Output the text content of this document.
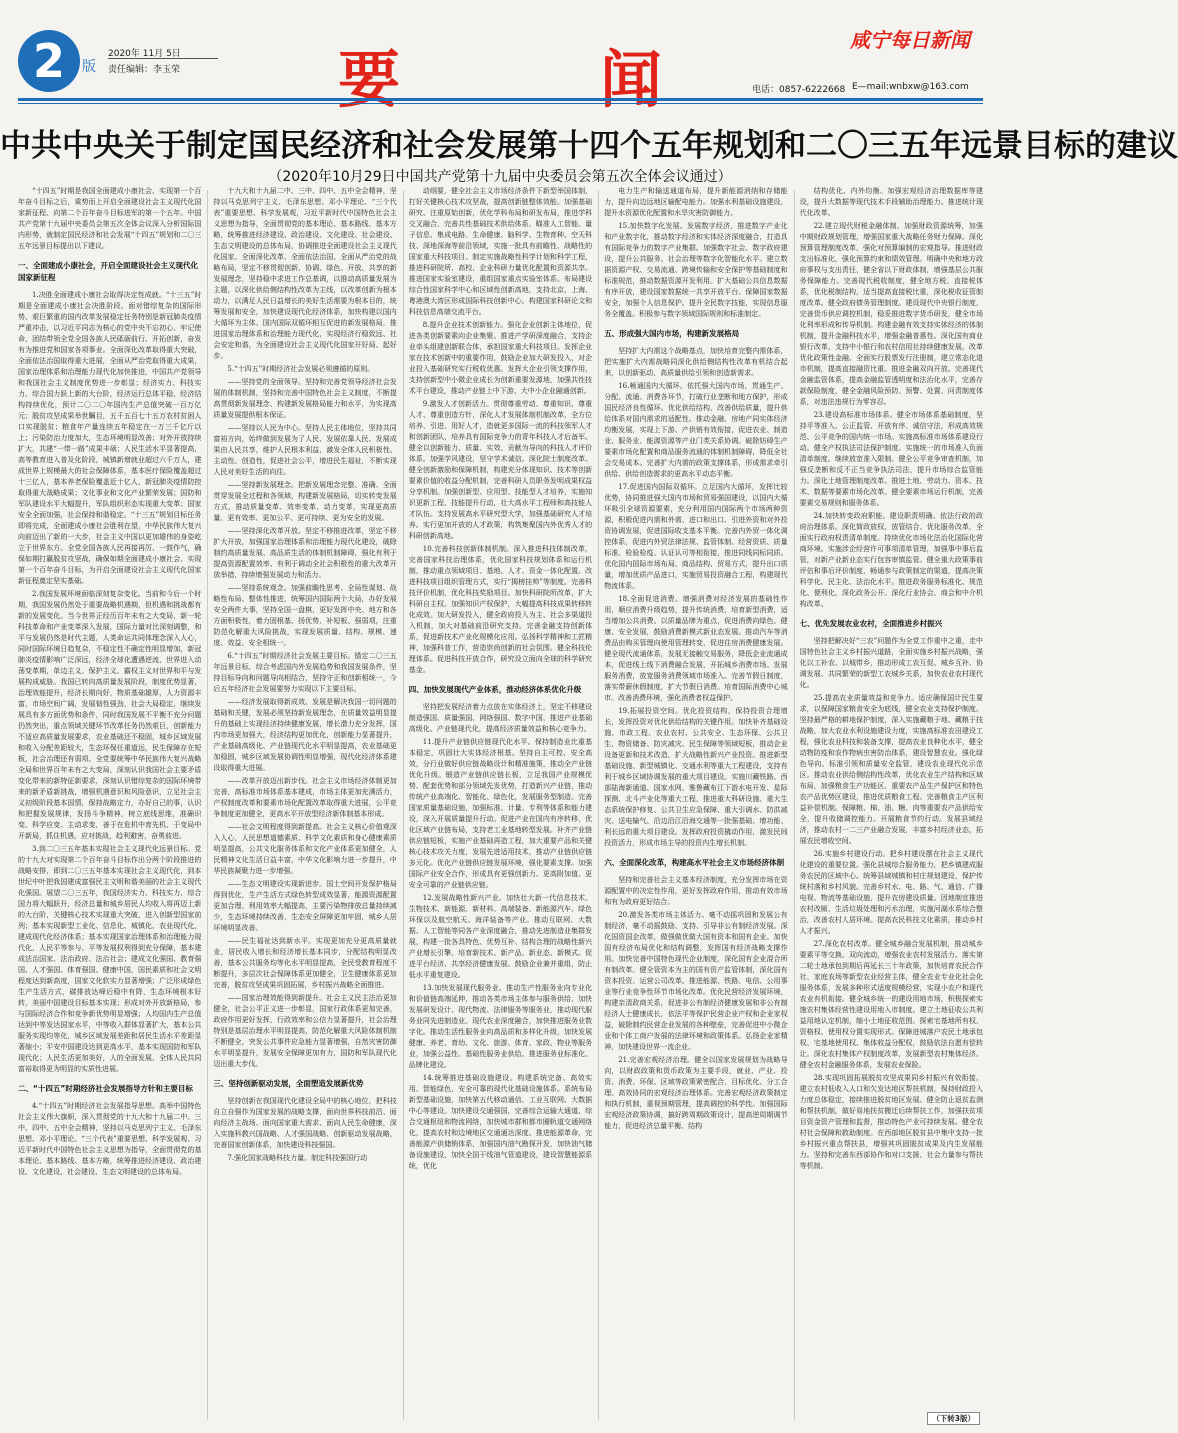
2	版
2020年 11月 5日
责任编辑：李玉荣	要	闻
咸宁每日新闻
电话：0857-6222668 E—mail:wnbxw@163.com
中共中央关于制定国民经济和社会发展第十四个五年规划和二〇三五年远景目标的建议
（2020年10月29日中国共产党第十九届中央委员会第五次全体会议通过）

“十四五”时期是我国全面建成小康社会、实现第一个百年奋斗目标之后，乘势而上开启全面建设社会主义现代化国家新征程、向第二个百年奋斗目标进军的第一个五年。中国共产党第十九届中央委员会第五次全体会议深入分析国际国内形势，就制定国民经济和社会发展“十四五”规划和二〇三五年远景目标提出以下建议。

一、全面建成小康社会，开启全面建设社会主义现代化国家新征程

1.决胜全面建成小康社会取得决定性成就。“十三五”时期是全面建成小康社会决胜阶段。面对错综复杂的国际形势、艰巨繁重的国内改革发展稳定任务特别是新冠肺炎疫情严重冲击，以习近平同志为核心的党中央不忘初心、牢记使命，团结带领全党全国各族人民砥砺前行、开拓创新，奋发有为推进党和国家各项事业。全面深化改革取得重大突破，全面依法治国取得重大进展，全面从严治党取得重大成果，国家治理体系和治理能力现代化加快推进，中国共产党领导和我国社会主义制度优势进一步彰显；经济实力、科技实力、综合国力跃上新的大台阶，经济运行总体平稳，经济结构持续优化，预计二〇二〇年国内生产总值突破一百万亿元；脱贫攻坚成果举世瞩目，五千五百七十五万农村贫困人口实现脱贫；粮食年产量连续五年稳定在一万三千亿斤以上；污染防治力度加大，生态环境明显改善；对外开放持续扩大，共建“一带一路”成果丰硕；人民生活水平显著提高，高等教育进入普及化阶段，城镇新增就业超过六千万人，建成世界上规模最大的社会保障体系，基本医疗保险覆盖超过十三亿人，基本养老保险覆盖近十亿人，新冠肺炎疫情防控取得重大战略成果；文化事业和文化产业繁荣发展；国防和军队建设水平大幅提升，军队组织形态实现重大变革；国家安全全面加强，社会保持和谐稳定。“十三五”规划目标任务即将完成，全面建成小康社会胜利在望，中华民族伟大复兴向前迈出了新的一大步，社会主义中国以更加雄伟的身姿屹立于世界东方。全党全国各族人民再接再厉、一鼓作气，确保如期打赢脱贫攻坚战，确保如期全面建成小康社会、实现第一个百年奋斗目标，为开启全面建设社会主义现代化国家新征程奠定坚实基础。

2.我国发展环境面临深刻复杂变化。当前和今后一个时期，我国发展仍然处于重要战略机遇期，但机遇和挑战都有新的发展变化。当今世界正经历百年未有之大变局，新一轮科技革命和产业变革深入发展，国际力量对比深刻调整，和平与发展仍然是时代主题，人类命运共同体理念深入人心，同时国际环境日趋复杂，不稳定性不确定性明显增加，新冠肺炎疫情影响广泛深远，经济全球化遭遇逆流，世界进入动荡变革期，单边主义、保护主义、霸权主义对世界和平与发展构成威胁。我国已转向高质量发展阶段，制度优势显著，治理效能提升，经济长期向好，物质基础雄厚，人力资源丰富，市场空间广阔，发展韧性强劲，社会大局稳定，继续发展具有多方面优势和条件，同时我国发展不平衡不充分问题仍然突出，重点领域关键环节改革任务仍然艰巨，创新能力不适应高质量发展要求，农业基础还不稳固，城乡区域发展和收入分配差距较大，生态环保任重道远，民生保障存在短板，社会治理还有弱项。全党要统筹中华民族伟大复兴战略全局和世界百年未有之大变局，深刻认识我国社会主要矛盾变化带来的新特征新要求，深刻认识错综复杂的国际环境带来的新矛盾新挑战，增强机遇意识和风险意识，立足社会主义初级阶段基本国情，保持战略定力，办好自己的事，认识和把握发展规律，发扬斗争精神，树立底线思维，准确识变、科学应变、主动求变，善于在危机中育先机、于变局中开新局，抓住机遇，应对挑战，趋利避害，奋勇前进。

3.到二〇三五年基本实现社会主义现代化远景目标。党的十九大对实现第二个百年奋斗目标作出分两个阶段推进的战略安排，即到二〇三五年基本实现社会主义现代化，到本世纪中叶把我国建成富强民主文明和谐美丽的社会主义现代化强国。展望二〇三五年，我国经济实力、科技实力、综合国力将大幅跃升，经济总量和城乡居民人均收入将再迈上新的大台阶，关键核心技术实现重大突破，进入创新型国家前列；基本实现新型工业化、信息化、城镇化、农业现代化，建成现代化经济体系；基本实现国家治理体系和治理能力现代化，人民平等参与、平等发展权利得到充分保障，基本建成法治国家、法治政府、法治社会；建成文化强国、教育强国、人才强国、体育强国、健康中国，国民素质和社会文明程度达到新高度，国家文化软实力显著增强；广泛形成绿色生产生活方式，碳排放达峰后稳中有降，生态环境根本好转，美丽中国建设目标基本实现；形成对外开放新格局，参与国际经济合作和竞争新优势明显增强；人均国内生产总值达到中等发达国家水平，中等收入群体显著扩大，基本公共服务实现均等化，城乡区域发展差距和居民生活水平差距显著缩小；平安中国建设达到更高水平，基本实现国防和军队现代化；人民生活更加美好，人的全面发展、全体人民共同富裕取得更为明显的实质性进展。

二、“十四五”时期经济社会发展指导方针和主要目标

4.“十四五”时期经济社会发展指导思想。高举中国特色社会主义伟大旗帜，深入贯彻党的十九大和十九届二中、三中、四中、五中全会精神，坚持以马克思列宁主义、毛泽东思想、邓小平理论、“三个代表”重要思想、科学发展观、习近平新时代中国特色社会主义思想为指导，全面贯彻党的基本理论、基本路线、基本方略，统筹推进经济建设、政治建设、文化建设、社会建设、生态文明建设的总体布局。

十九大和十九届二中、三中、四中、五中全会精神，坚持以马克思列宁主义、毛泽东思想、邓小平理论、“三个代表”重要思想、科学发展观，习近平新时代中国特色社会主义思想为指导，全面贯彻党的基本理论、基本路线、基本方略，统筹推进经济建设、政治建设、文化建设、社会建设、生态文明建设的总体布局，协调推进全面建设社会主义现代化国家、全面深化改革、全面依法治国、全面从严治党的战略布局，坚定不移贯彻创新、协调、绿色、开放、共享的新发展理念，坚持稳中求进工作总基调，以推动高质量发展为主题，以深化供给侧结构性改革为主线，以改革创新为根本动力，以满足人民日益增长的美好生活需要为根本目的，统筹发展和安全，加快建设现代化经济体系，加快构建以国内大循环为主体、国内国际双循环相互促进的新发展格局，推进国家治理体系和治理能力现代化，实现经济行稳致远、社会安定和谐，为全面建设社会主义现代化国家开好局、起好步。

5.“十四五”时期经济社会发展必须遵循的原则。

——坚持党的全面领导。坚持和完善党领导经济社会发展的体制机制，坚持和完善中国特色社会主义制度，不断提高贯彻新发展理念、构建新发展格局能力和水平，为实现高质量发展提供根本保证。

——坚持以人民为中心。坚持人民主体地位，坚持共同富裕方向，始终做到发展为了人民、发展依靠人民、发展成果由人民共享，维护人民根本利益，激发全体人民积极性、主动性、创造性，促进社会公平，增进民生福祉，不断实现人民对美好生活的向往。

——坚持新发展理念。把新发展理念完整、准确、全面贯穿发展全过程和各领域，构建新发展格局，切实转变发展方式，推动质量变革、效率变革、动力变革，实现更高质量、更有效率、更加公平、更可持续、更为安全的发展。

——坚持深化改革开放。坚定不移推进改革，坚定不移扩大开放，加强国家治理体系和治理能力现代化建设，破除制约高质量发展、高品质生活的体制机制障碍，强化有利于提高资源配置效率、有利于调动全社会积极性的重大改革开放举措，持续增强发展动力和活力。

——坚持系统观念。加强前瞻性思考、全局性谋划、战略性布局、整体性推进，统筹国内国际两个大局，办好发展安全两件大事，坚持全国一盘棋，更好发挥中央、地方和各方面积极性，着力固根基、扬优势、补短板、强弱项，注重防范化解重大风险挑战，实现发展质量、结构、规模、速度、效益、安全相统一。

6.“十四五”时期经济社会发展主要目标。锚定二〇三五年远景目标，综合考虑国内外发展趋势和我国发展条件，坚持目标导向和问题导向相结合，坚持守正和创新相统一，今后五年经济社会发展要努力实现以下主要目标。

——经济发展取得新成效。发展是解决我国一切问题的基础和关键，发展必须坚持新发展理念，在质量效益明显提升的基础上实现经济持续健康发展，增长潜力充分发挥，国内市场更加强大，经济结构更加优化，创新能力显著提升，产业基础高级化、产业链现代化水平明显提高，农业基础更加稳固，城乡区域发展协调性明显增强，现代化经济体系建设取得重大进展。

——改革开放迈出新步伐。社会主义市场经济体制更加完善，高标准市场体系基本建成，市场主体更加充满活力，产权制度改革和要素市场化配置改革取得重大进展，公平竞争制度更加健全，更高水平开放型经济新体制基本形成。

——社会文明程度得到新提高。社会主义核心价值观深入人心，人民思想道德素质、科学文化素质和身心健康素质明显提高，公共文化服务体系和文化产业体系更加健全，人民精神文化生活日益丰富，中华文化影响力进一步提升，中华民族凝聚力进一步增强。

——生态文明建设实现新进步。国土空间开发保护格局得到优化，生产生活方式绿色转型成效显著，能源资源配置更加合理、利用效率大幅提高，主要污染物排放总量持续减少，生态环境持续改善，生态安全屏障更加牢固，城乡人居环境明显改善。

——民生福祉达到新水平。实现更加充分更高质量就业，居民收入增长和经济增长基本同步，分配结构明显改善，基本公共服务均等化水平明显提高，全民受教育程度不断提升，多层次社会保障体系更加健全，卫生健康体系更加完善，脱贫攻坚成果巩固拓展，乡村振兴战略全面推进。

——国家治理效能得到新提升。社会主义民主法治更加健全，社会公平正义进一步彰显，国家行政体系更加完善，政府作用更好发挥，行政效率和公信力显著提升，社会治理特别是基层治理水平明显提高，防范化解重大风险体制机制不断健全，突发公共事件应急能力显著增强，自然灾害防御水平明显提升，发展安全保障更加有力，国防和军队现代化迈出重大步伐。

三、坚持创新驱动发展，全面塑造发展新优势

坚持创新在我国现代化建设全局中的核心地位，把科技自立自强作为国家发展的战略支撑，面向世界科技前沿、面向经济主战场、面向国家重大需求、面向人民生命健康，深入实施科教兴国战略、人才强国战略、创新驱动发展战略，完善国家创新体系，加快建设科技强国。

7.强化国家战略科技力量。制定科技强国行动

动纲要，健全社会主义市场经济条件下新型举国体制，打好关键核心技术攻坚战，提高创新链整体效能。加强基础研究、注重原始创新，优化学科布局和研发布局，推进学科交叉融合，完善共性基础技术供给体系。瞄准人工智能、量子信息、集成电路、生命健康、脑科学、生物育种、空天科技、深地深海等前沿领域，实施一批具有前瞻性、战略性的国家重大科技项目。制定实施战略性科学计划和科学工程，推进科研院所、高校、企业科研力量优化配置和资源共享。推进国家实验室建设，重组国家重点实验室体系。布局建设综合性国家科学中心和区域性创新高地，支持北京、上海、粤港澳大湾区形成国际科技创新中心。构建国家科研论文和科技信息高端交流平台。

8.提升企业技术创新能力。强化企业创新主体地位，促进各类创新要素向企业集聚。推进产学研深度融合，支持企业牵头组建创新联合体，承担国家重大科技项目。发挥企业家在技术创新中的重要作用，鼓励企业加大研发投入，对企业投入基础研究实行税收优惠。发挥大企业引领支撑作用，支持创新型中小微企业成长为创新重要发源地，加强共性技术平台建设，推动产业链上中下游、大中小企业融通创新。

9.激发人才创新活力。贯彻尊重劳动、尊重知识、尊重人才、尊重创造方针，深化人才发展体制机制改革，全方位培养、引进、用好人才，造就更多国际一流的科技领军人才和创新团队，培养具有国际竞争力的青年科技人才后备军。健全以创新能力、质量、实效、贡献为导向的科技人才评价体系。加强学风建设，坚守学术诚信。深化院士制度改革。健全创新激励和保障机制，构建充分体现知识、技术等创新要素价值的收益分配机制，完善科研人员职务发明成果权益分享机制。加强创新型、应用型、技能型人才培养，实施知识更新工程、技能提升行动，壮大高水平工程师和高技能人才队伍。支持发展高水平研究型大学，加强基础研究人才培养。实行更加开放的人才政策，构筑集聚国内外优秀人才的科研创新高地。

10.完善科技创新体制机制。深入推进科技体制改革，完善国家科技治理体系，优化国家科技规划体系和运行机制，推动重点领域项目、基地、人才、资金一体化配置。改进科技项目组织管理方式，实行“揭榜挂帅”等制度。完善科技评价机制，优化科技奖励项目。加快科研院所改革，扩大科研自主权。加强知识产权保护，大幅提高科技成果转移转化成效。加大研发投入，健全政府投入为主、社会多渠道投入机制，加大对基础前沿研究支持。完善金融支持创新体系，促进新技术产业化规模化应用。弘扬科学精神和工匠精神，加强科普工作，营造崇尚创新的社会氛围。健全科技伦理体系。促进科技开放合作，研究设立面向全球的科学研究基金。

四、加快发展现代产业体系，推动经济体系优化升级

坚持把发展经济着力点放在实体经济上，坚定不移建设制造强国、质量强国、网络强国、数字中国，推进产业基础高级化、产业链现代化，提高经济质量效益和核心竞争力。

11.提升产业链供应链现代化水平。保持制造业比重基本稳定，巩固壮大实体经济根基。坚持自主可控、安全高效，分行业做好供应链战略设计和精准施策，推动全产业链优化升级。锻造产业链供应链长板，立足我国产业规模优势、配套优势和部分领域先发优势，打造新兴产业链，推动传统产业高端化、智能化、绿色化，发展服务型制造。完善国家质量基础设施，加强标准、计量、专利等体系和能力建设，深入开展质量提升行动。促进产业在国内有序转移，优化区域产业链布局，支持老工业基地转型发展。补齐产业链供应链短板，实施产业基础再造工程，加大重要产品和关键核心技术攻关力度，发展先进适用技术，推动产业链供应链多元化。优化产业链供应链发展环境，强化要素支撑。加强国际产业安全合作，形成具有更强创新力、更高附加值、更安全可靠的产业链供应链。

12.发展战略性新兴产业。加快壮大新一代信息技术、生物技术、新能源、新材料、高端装备、新能源汽车、绿色环保以及航空航天、海洋装备等产业。推动互联网、大数据、人工智能等同各产业深度融合，推动先进制造业集群发展，构建一批各具特色、优势互补、结构合理的战略性新兴产业增长引擎，培育新技术、新产品、新业态、新模式。促进平台经济、共享经济健康发展。鼓励企业兼并重组，防止低水平重复建设。

13.加快发展现代服务业。推动生产性服务业向专业化和价值链高端延伸，推动各类市场主体参与服务供给，加快发展研发设计、现代物流、法律服务等服务业，推动现代服务业同先进制造业、现代农业深度融合，加快推进服务业数字化。推动生活性服务业向高品质和多样化升级，加快发展健康、养老、育幼、文化、旅游、体育、家政、物业等服务业，加强公益性、基础性服务业供给。推进服务业标准化、品牌化建设。

14.统筹推进基础设施建设。构建系统完备、高效实用、智能绿色、安全可靠的现代化基础设施体系。系统布局新型基础设施，加快第五代移动通信、工业互联网、大数据中心等建设。加快建设交通强国，完善综合运输大通道、综合交通枢纽和物流网络，加快城市群和都市圈轨道交通网络化，提高农村和边境地区交通通达深度。推进能源革命，完善能源产供储销体系，加强国内油气勘探开发，加快油气储备设施建设，加快全国干线油气管道建设，建设智慧能源系统，优化

电力生产和输送通道布局，提升新能源消纳和存储能力，提升向边远地区输配电能力。加强水利基础设施建设，提升水资源优化配置和水旱灾害防御能力。

15.加快数字化发展。发展数字经济，推进数字产业化和产业数字化，推动数字经济和实体经济深度融合，打造具有国际竞争力的数字产业集群。加强数字社会、数字政府建设，提升公共服务、社会治理等数字化智能化水平。建立数据资源产权、交易流通、跨境传输和安全保护等基础制度和标准规范，推动数据资源开发利用。扩大基础公共信息数据有序开放，建设国家数据统一共享开放平台。保障国家数据安全，加强个人信息保护。提升全民数字技能，实现信息服务全覆盖。积极参与数字领域国际规则和标准制定。

五、形成强大国内市场，构建新发展格局

坚持扩大内需这个战略基点，加快培育完整内需体系，把实施扩大内需战略同深化供给侧结构性改革有机结合起来，以创新驱动、高质量供给引领和创造新需求。

16.畅通国内大循环。依托强大国内市场，贯通生产、分配、流通、消费各环节，打破行业垄断和地方保护，形成国民经济良性循环。优化供给结构，改善供给质量，提升供给体系对国内需求的适配性。推动金融、房地产同实体经济均衡发展，实现上下游、产供销有效衔接，促进农业、制造业、服务业、能源资源等产业门类关系协调。破除妨碍生产要素市场化配置和商品服务流通的体制机制障碍，降低全社会交易成本。完善扩大内需的政策支撑体系，形成需求牵引供给、供给创造需求的更高水平动态平衡。

17.促进国内国际双循环。立足国内大循环，发挥比较优势，协同推进强大国内市场和贸易强国建设，以国内大循环吸引全球资源要素，充分利用国内国际两个市场两种资源，积极促进内需和外需、进口和出口、引进外资和对外投资协调发展，促进国际收支基本平衡。完善内外贸一体化调控体系，促进内外贸法律法规、监管体制、经营资质、质量标准、检验检疫、认证认可等相衔接，推进同线同标同质。优化国内国际市场布局、商品结构、贸易方式，提升出口质量，增加优质产品进口，实施贸易投资融合工程，构建现代物流体系。

18.全面促进消费。增强消费对经济发展的基础性作用，顺应消费升级趋势，提升传统消费，培育新型消费，适当增加公共消费。以质量品牌为重点，促进消费向绿色、健康、安全发展，鼓励消费新模式新业态发展。推动汽车等消费品由购买管理向使用管理转变，促进住房消费健康发展。健全现代流通体系，发展无接触交易服务，降低企业流通成本，促进线上线下消费融合发展，开拓城乡消费市场。发展服务消费，放宽服务消费领域市场准入。完善节假日制度，落实带薪休假制度，扩大节假日消费。培育国际消费中心城市。改善消费环境，强化消费者权益保护。

19.拓展投资空间。优化投资结构，保持投资合理增长，发挥投资对优化供给结构的关键作用。加快补齐基础设施、市政工程、农业农村、公共安全、生态环保、公共卫生、物资储备、防灾减灾、民生保障等领域短板，推动企业设备更新和技术改造，扩大战略性新兴产业投资。推进新型基础设施、新型城镇化、交通水利等重大工程建设，支持有利于城乡区域协调发展的重大项目建设。实施川藏铁路、西部陆海新通道、国家水网、雅鲁藏布江下游水电开发、星际探测、北斗产业化等重大工程，推进重大科研设施、重大生态系统保护修复、公共卫生应急保障、重大引调水、防洪减灾、送电输气、沿边沿江沿海交通等一批强基础、增功能、利长远的重大项目建设。发挥政府投资撬动作用，激发民间投资活力，形成市场主导的投资内生增长机制。

六、全面深化改革，构建高水平社会主义市场经济体制

坚持和完善社会主义基本经济制度，充分发挥市场在资源配置中的决定性作用，更好发挥政府作用，推动有效市场和有为政府更好结合。

20.激发各类市场主体活力。毫不动摇巩固和发展公有制经济，毫不动摇鼓励、支持、引导非公有制经济发展。深化国资国企改革，做强做优做大国有资本和国有企业。加快国有经济布局优化和结构调整，发挥国有经济战略支撑作用。加快完善中国特色现代企业制度，深化国有企业混合所有制改革。健全管资本为主的国有资产监管体制，深化国有资本投资、运营公司改革。推进能源、铁路、电信、公用事业等行业竞争性环节市场化改革。优化民营经济发展环境，构建亲清政商关系，促进非公有制经济健康发展和非公有制经济人士健康成长，依法平等保护民营企业产权和企业家权益，破除制约民营企业发展的各种壁垒，完善促进中小微企业和个体工商户发展的法律环境和政策体系。弘扬企业家精神，加快建设世界一流企业。

21.完善宏观经济治理。健全以国家发展规划为战略导向，以财政政策和货币政策为主要手段，就业、产业、投资、消费、环保、区域等政策紧密配合，目标优化、分工合理、高效协同的宏观经济治理体系。完善宏观经济政策制定和执行机制，重视预期管理，提高调控的科学性。加强国际宏观经济政策协调，搞好跨周期政策设计，提高逆周期调节能力，促进经济总量平衡、结构

结构优化、内外均衡。加强宏观经济治理数据库等建设，提升大数据等现代技术手段辅助治理能力。推进统计现代化改革。

22.建立现代财税金融体制。加强财政资源统筹，加强中期财政规划管理，增强国家重大战略任务财力保障。深化预算管理制度改革，强化对预算编制的宏观指导。推进财政支出标准化，强化预算约束和绩效管理。明确中央和地方政府事权与支出责任，健全省以下财政体制，增强基层公共服务保障能力。完善现代税收制度，健全地方税、直接税体系，优化税制结构，适当提高直接税比重，深化税收征管制度改革。健全政府债务管理制度。建设现代中央银行制度，完善货币供应调控机制，稳妥推进数字货币研发，健全市场化利率形成和传导机制。构建金融有效支持实体经济的体制机制，提升金融科技水平，增强金融普惠性。深化国有商业银行改革，支持中小银行和农村信用社持续健康发展，改革优化政策性金融。全面实行股票发行注册制，建立常态化退市机制，提高直接融资比重。推进金融双向开放。完善现代金融监管体系，提高金融监管透明度和法治化水平，完善存款保险制度，健全金融风险预防、预警、处置、问责制度体系，对违法违规行为零容忍。

23.建设高标准市场体系。健全市场体系基础制度，坚持平等准入、公正监管、开放有序、诚信守法，形成高效规范、公平竞争的国内统一市场。实施高标准市场体系建设行动。健全产权执法司法保护制度。实施统一的市场准入负面清单制度。继续放宽准入限制。健全公平竞争审查机制，加强反垄断和反不正当竞争执法司法，提升市场综合监管能力。深化土地管理制度改革。推进土地、劳动力、资本、技术、数据等要素市场化改革。健全要素市场运行机制，完善要素交易规则和服务体系。

24.加快转变政府职能。建设职责明确、依法行政的政府治理体系。深化简政放权、放管结合、优化服务改革，全面实行政府权责清单制度。持续优化市场化法治化国际化营商环境。实施涉企经营许可事项清单管理，加强事中事后监管，对新产业新业态实行包容审慎监管。健全重大政策事前评估和事后评价制度，畅通参与政策制定的渠道，提高决策科学化、民主化、法治化水平。推进政务服务标准化、规范化、便利化，深化政务公开。深化行业协会、商会和中介机构改革。

七、优先发展农业农村，全面推进乡村振兴

坚持把解决好“三农”问题作为全党工作重中之重，走中国特色社会主义乡村振兴道路，全面实施乡村振兴战略，强化以工补农、以城带乡，推动形成工农互促、城乡互补、协调发展、共同繁荣的新型工农城乡关系，加快农业农村现代化。

25.提高农业质量效益和竞争力。适应确保国计民生要求，以保障国家粮食安全为底线，健全农业支持保护制度。坚持最严格的耕地保护制度，深入实施藏粮于地、藏粮于技战略，加大农业水利设施建设力度，实施高标准农田建设工程，强化农业科技和装备支撑，提高农业良种化水平，健全动物防疫和农作物病虫害防治体系，建设智慧农业。强化绿色导向、标准引领和质量安全监管，建设农业现代化示范区。推动农业供给侧结构性改革，优化农业生产结构和区域布局，加强粮食生产功能区、重要农产品生产保护区和特色农产品优势区建设，推进优质粮食工程。完善粮食主产区利益补偿机制。保障粮、棉、油、糖、肉等重要农产品供给安全，提升收储调控能力。开展粮食节约行动。发展县域经济，推动农村一二三产业融合发展，丰富乡村经济业态，拓展农民增收空间。

26.实施乡村建设行动。把乡村建设摆在社会主义现代化建设的重要位置。强化县城综合服务能力，把乡镇建成服务农民的区域中心。统筹县域城镇和村庄规划建设，保护传统村落和乡村风貌。完善乡村水、电、路、气、通信、广播电视、物流等基础设施，提升农房建设质量。因地制宜推进农村改厕、生活垃圾处理和污水治理，实施河湖水系综合整治，改善农村人居环境。提高农民科技文化素质，推动乡村人才振兴。

27.深化农村改革。健全城乡融合发展机制，推动城乡要素平等交换、双向流动，增强农业农村发展活力。落实第二轮土地承包到期后再延长三十年政策，加快培育农民合作社、家庭农场等新型农业经营主体，健全农业专业化社会化服务体系，发展多种形式适度规模经营，实现小农户和现代农业有机衔接。健全城乡统一的建设用地市场，积极探索实施农村集体经营性建设用地入市制度。建立土地征收公共利益用地认定机制，缩小土地征收范围。探索宅基地所有权、资格权、使用权分置实现形式。保障进城落户农民土地承包权、宅基地使用权、集体收益分配权，鼓励依法自愿有偿转让。深化农村集体产权制度改革，发展新型农村集体经济。健全农村金融服务体系，发展农业保险。

28.实现巩固拓展脱贫攻坚成果同乡村振兴有效衔接。建立农村低收入人口和欠发达地区帮扶机制，保持财政投入力度总体稳定，接续推进脱贫地区发展。健全防止返贫监测和帮扶机制，做好易地扶贫搬迁后续帮扶工作，加强扶贫项目资金资产管理和监督，推动特色产业可持续发展。健全农村社会保障和救助制度。在西部地区脱贫县中集中支持一批乡村振兴重点帮扶县，增强其巩固脱贫成果及内生发展能力。坚持和完善东西部协作和对口支援、社会力量参与帮扶等机制。

（下转3版）
